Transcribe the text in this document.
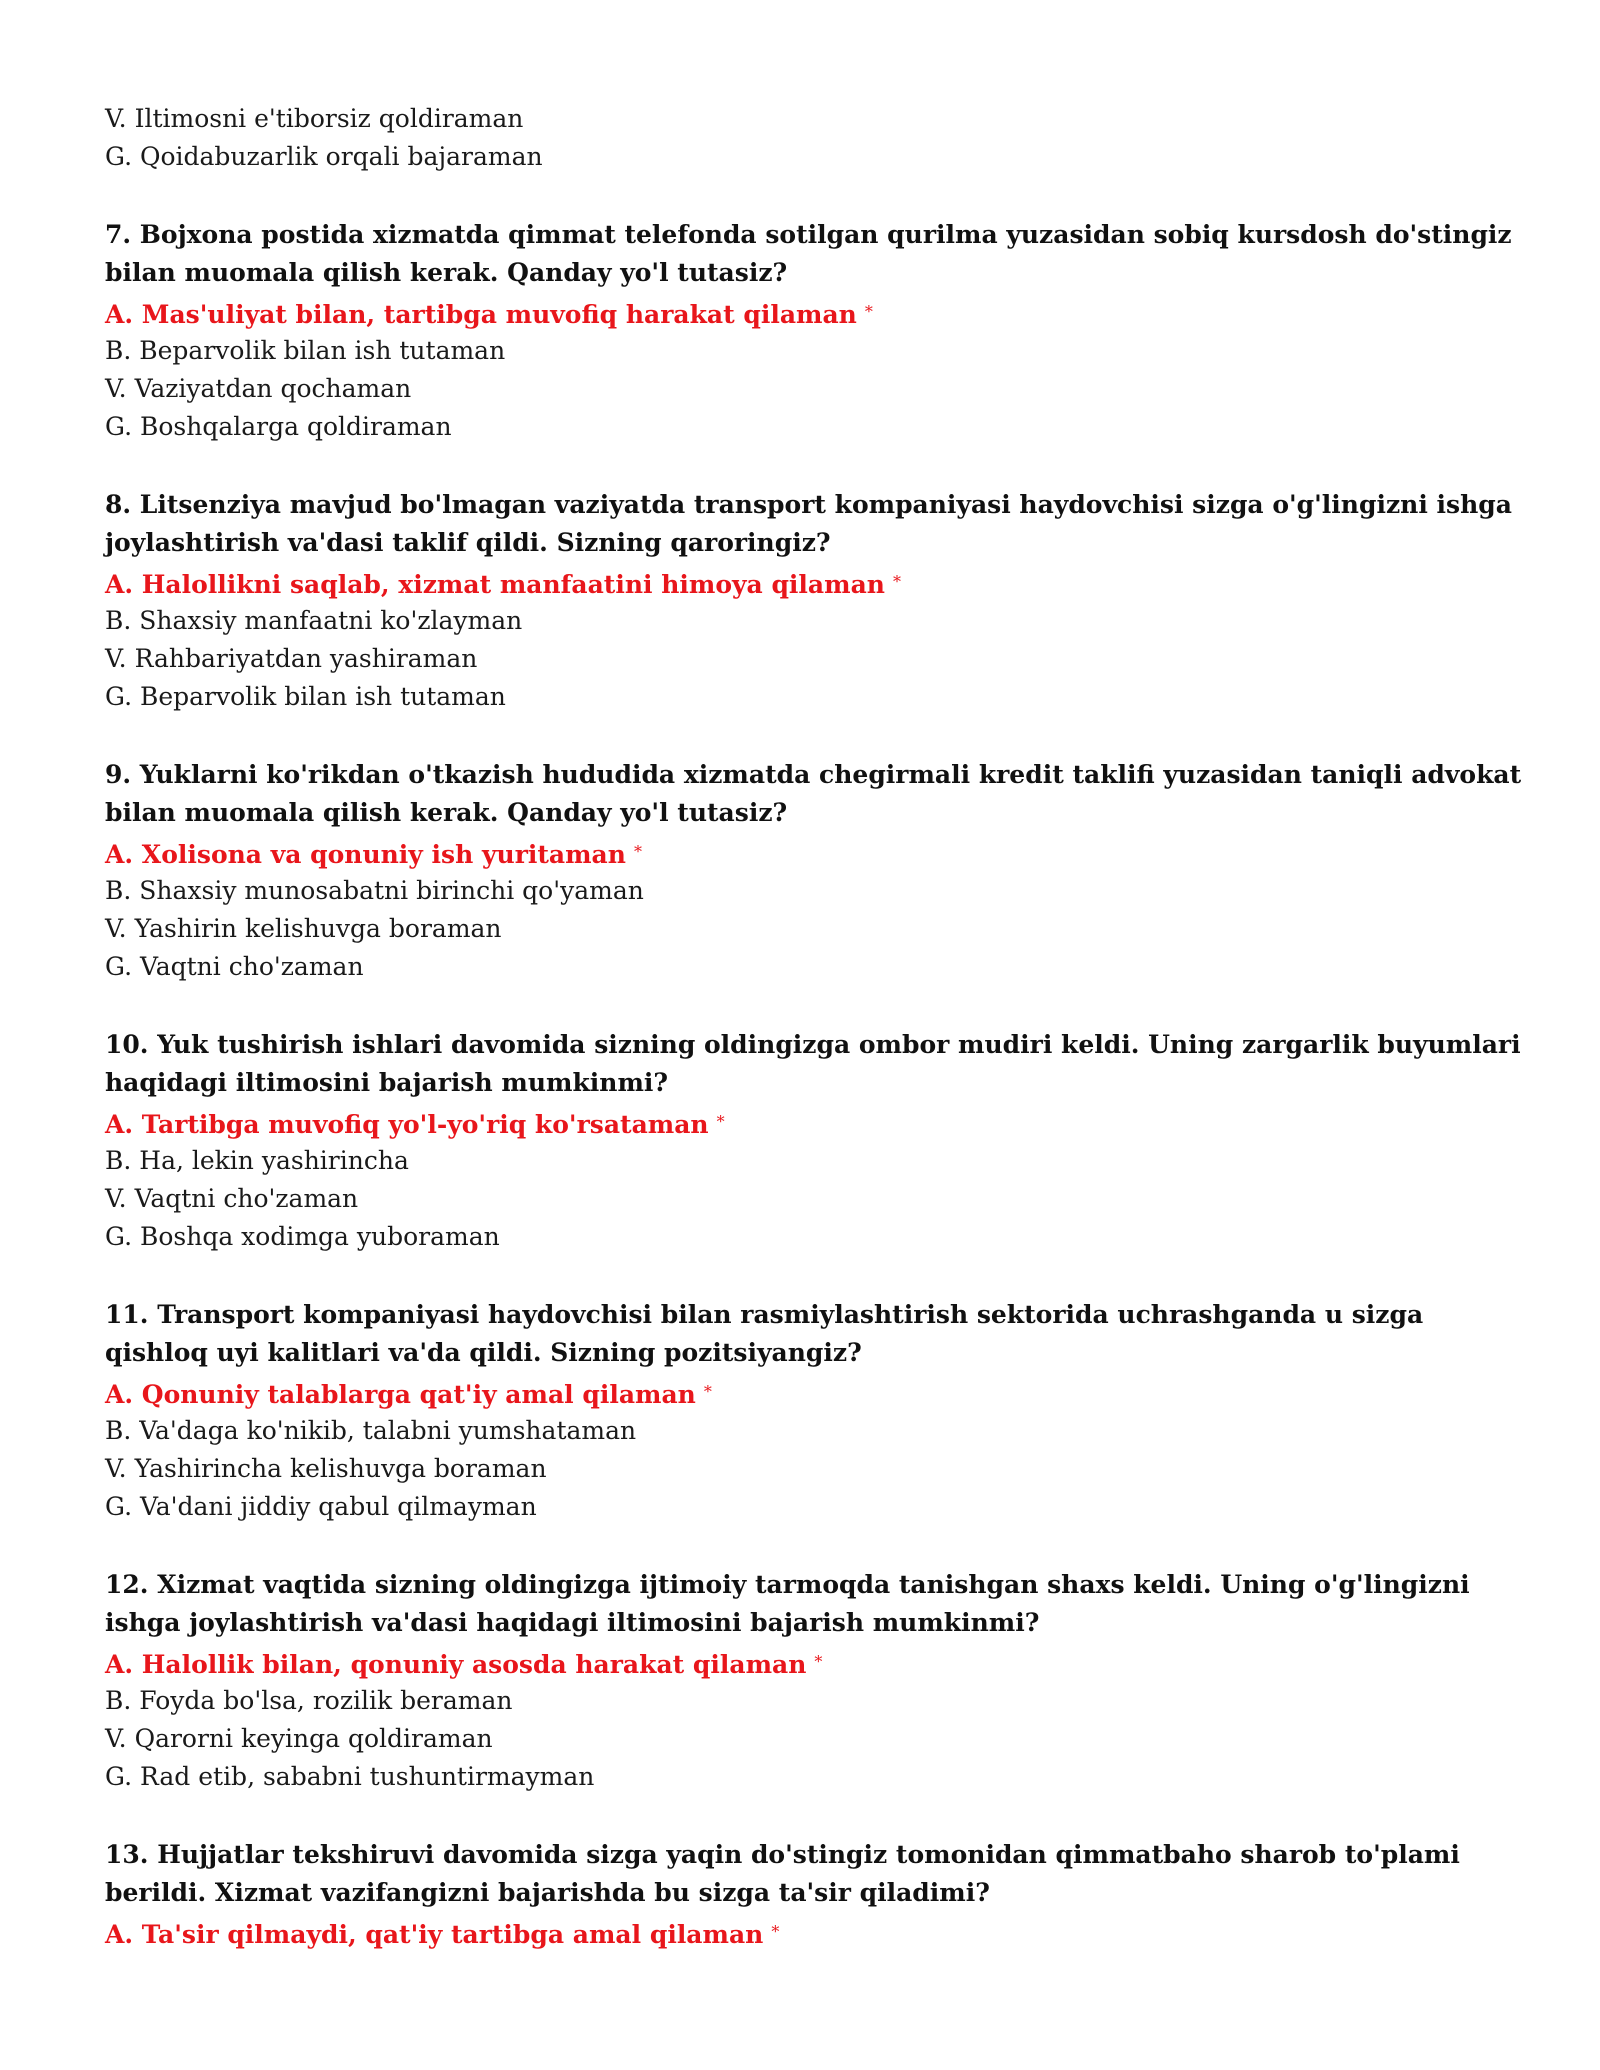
V. Iltimosni e'tiborsiz qoldiraman
G. Qoidabuzarlik orqali bajaraman
7. Bojxona postida xizmatda qimmat telefonda sotilgan qurilma yuzasidan sobiq kursdosh do'stingiz bilan muomala qilish kerak. Qanday yo'l tutasiz?
A. Mas'uliyat bilan, tartibga muvofiq harakat qilaman *
B. Beparvolik bilan ish tutaman
V. Vaziyatdan qochaman
G. Boshqalarga qoldiraman
8. Litsenziya mavjud bo'lmagan vaziyatda transport kompaniyasi haydovchisi sizga o'g'lingizni ishga joylashtirish va'dasi taklif qildi. Sizning qaroringiz?
A. Halollikni saqlab, xizmat manfaatini himoya qilaman *
B. Shaxsiy manfaatni ko'zlayman
V. Rahbariyatdan yashiraman
G. Beparvolik bilan ish tutaman
9. Yuklarni ko'rikdan o'tkazish hududida xizmatda chegirmali kredit taklifi yuzasidan taniqli advokat bilan muomala qilish kerak. Qanday yo'l tutasiz?
A. Xolisona va qonuniy ish yuritaman *
B. Shaxsiy munosabatni birinchi qo'yaman
V. Yashirin kelishuvga boraman
G. Vaqtni cho'zaman
10. Yuk tushirish ishlari davomida sizning oldingizga ombor mudiri keldi. Uning zargarlik buyumlari haqidagi iltimosini bajarish mumkinmi?
A. Tartibga muvofiq yo'l-yo'riq ko'rsataman *
B. Ha, lekin yashirincha
V. Vaqtni cho'zaman
G. Boshqa xodimga yuboraman
11. Transport kompaniyasi haydovchisi bilan rasmiylashtirish sektorida uchrashganda u sizga qishloq uyi kalitlari va'da qildi. Sizning pozitsiyangiz?
A. Qonuniy talablarga qat'iy amal qilaman *
B. Va'daga ko'nikib, talabni yumshataman
V. Yashirincha kelishuvga boraman
G. Va'dani jiddiy qabul qilmayman
12. Xizmat vaqtida sizning oldingizga ijtimoiy tarmoqda tanishgan shaxs keldi. Uning o'g'lingizni ishga joylashtirish va'dasi haqidagi iltimosini bajarish mumkinmi?
A. Halollik bilan, qonuniy asosda harakat qilaman *
B. Foyda bo'lsa, rozilik beraman
V. Qarorni keyinga qoldiraman
G. Rad etib, sababni tushuntirmayman
13. Hujjatlar tekshiruvi davomida sizga yaqin do'stingiz tomonidan qimmatbaho sharob to'plami berildi. Xizmat vazifangizni bajarishda bu sizga ta'sir qiladimi?
A. Ta'sir qilmaydi, qat'iy tartibga amal qilaman *
